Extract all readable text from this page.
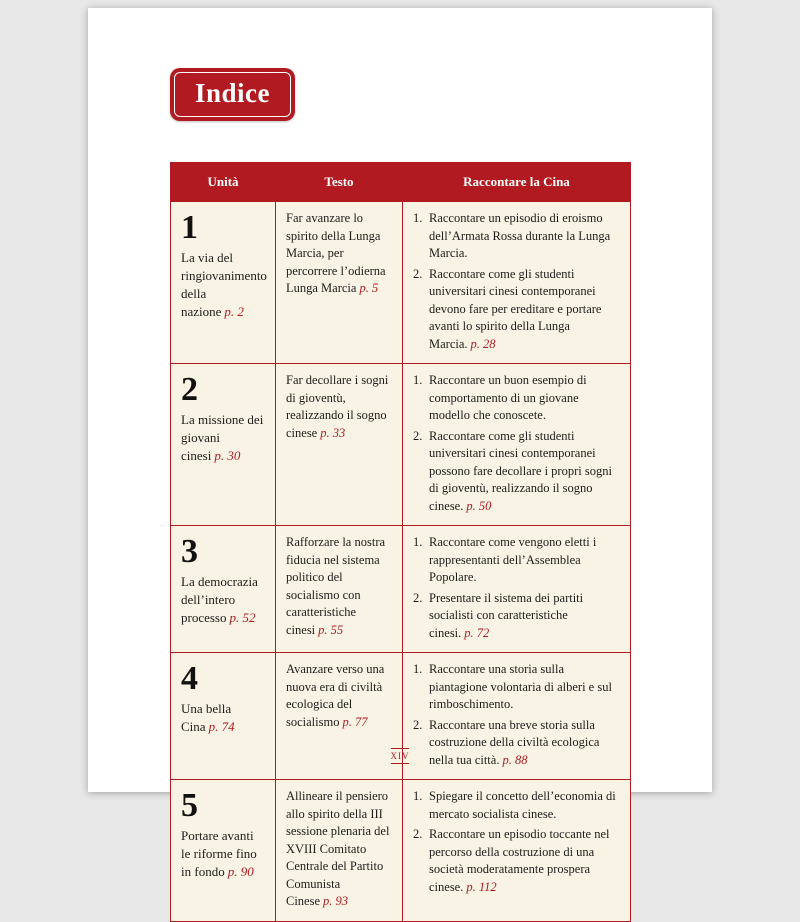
Indice
Unità	Testo	Raccontare la Cina

1
La via del ringiovanimento della nazione p. 2
	Far avanzare lo spirito della Lunga Marcia, per percorrere l’odierna Lunga Marcia p. 5	
1. Raccontare un episodio di eroismo dell’Armata Rossa durante la Lunga Marcia.
2. Raccontare come gli studenti universitari cinesi contemporanei devono fare per ereditare e portare avanti lo spirito della Lunga Marcia. p. 28

2
La missione dei giovani cinesi p. 30
	Far decollare i sogni di gioventù, realizzando il sogno cinese p. 33	
1. Raccontare un buon esempio di comportamento di un giovane modello che conoscete.
2. Raccontare come gli studenti universitari cinesi contemporanei possono fare decollare i propri sogni di gioventù, realizzando il sogno cinese. p. 50

3
La democrazia dell’intero processo p. 52
	Rafforzare la nostra fiducia nel sistema politico del socialismo con caratteristiche cinesi p. 55	
1. Raccontare come vengono eletti i rappresentanti dell’Assemblea Popolare.
2. Presentare il sistema dei partiti socialisti con caratteristiche cinesi. p. 72

4
Una bella Cina p. 74
	Avanzare verso una nuova era di civiltà ecologica del socialismo p. 77	
1. Raccontare una storia sulla piantagione volontaria di alberi e sul rimboschimento.
2. Raccontare una breve storia sulla costruzione della civiltà ecologica nella tua città. p. 88

5
Portare avanti le riforme fino in fondo p. 90
	Allineare il pensiero allo spirito della III sessione plenaria del XVIII Comitato Centrale del Partito Comunista Cinese p. 93	
1. Spiegare il concetto dell’economia di mercato socialista cinese.
2. Raccontare un episodio toccante nel percorso della costruzione di una società moderatamente prospera cinese. p. 112
XIV
